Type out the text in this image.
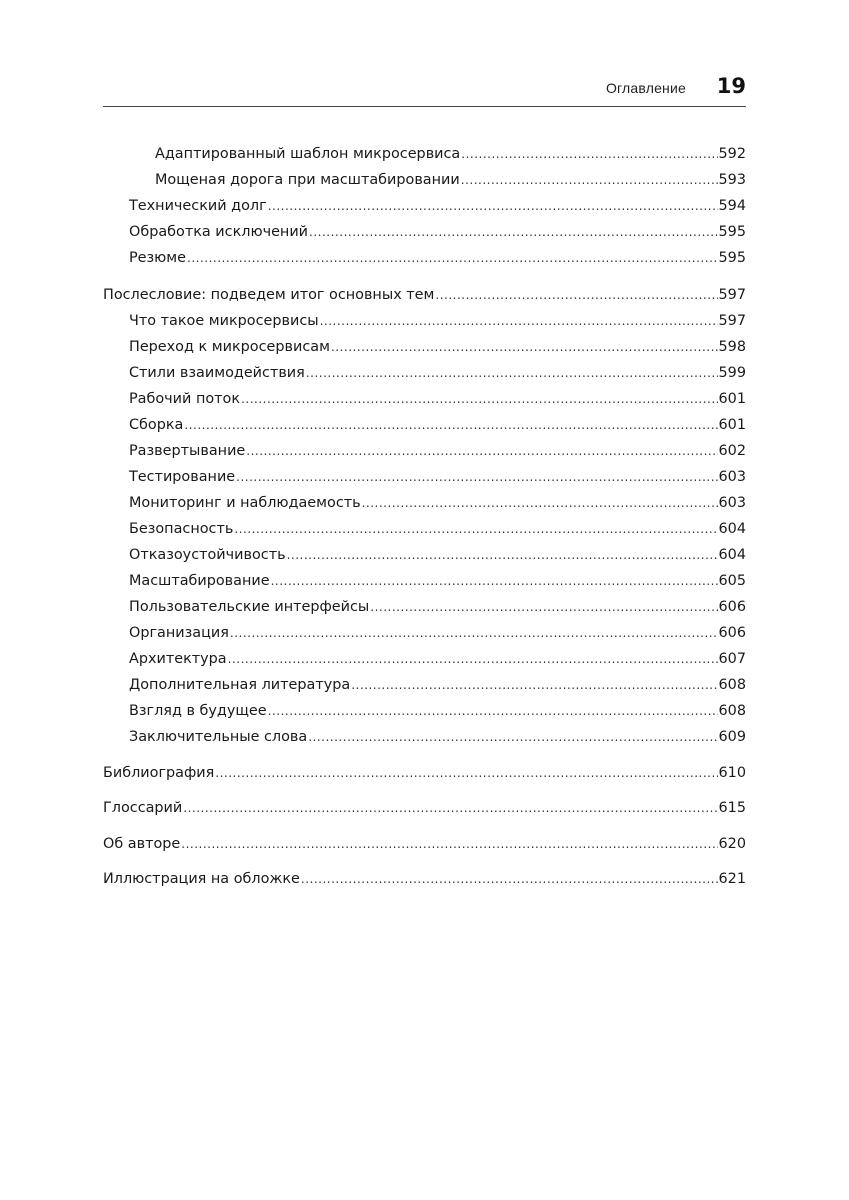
Оглавление 19
Адаптированный шаблон микросервиса .....	592
Мощеная дорога при масштабировании .....	593
Технический долг .....	594
Обработка исключений .....	595
Резюме .....	595
Послесловие: подведем итог основных тем .....	597
Что такое микросервисы .....	597
Переход к микросервисам .....	598
Стили взаимодействия .....	599
Рабочий поток .....	601
Сборка .....	601
Развертывание .....	602
Тестирование .....	603
Мониторинг и наблюдаемость .....	603
Безопасность .....	604
Отказоустойчивость .....	604
Масштабирование .....	605
Пользовательские интерфейсы .....	606
Организация .....	606
Архитектура .....	607
Дополнительная литература .....	608
Взгляд в будущее .....	608
Заключительные слова .....	609
Библиография .....	610
Глоссарий .....	615
Об авторе .....	620
Иллюстрация на обложке .....	621
